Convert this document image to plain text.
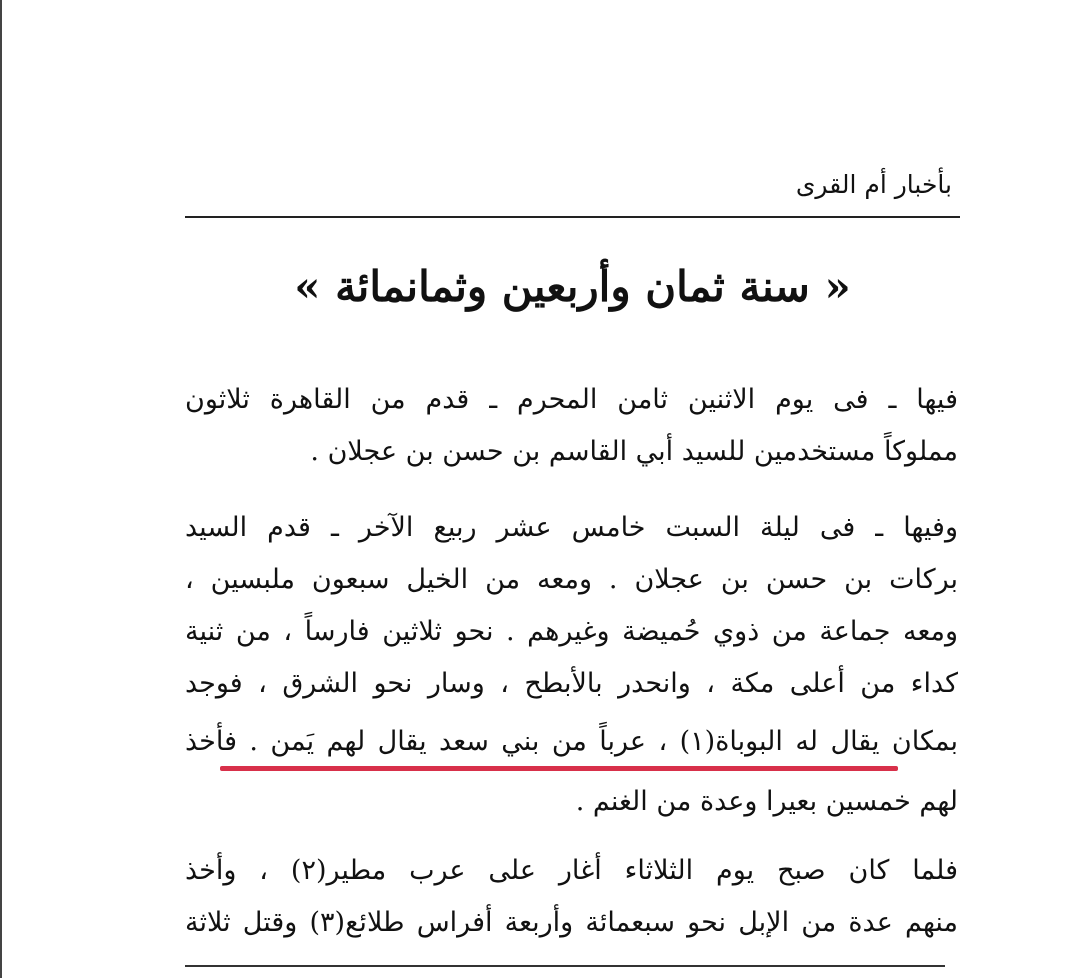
بأخبار أم القرى
« سنة ثمان وأربعين وثمانمائة »
فيها ـ فى يوم الاثنين ثامن المحرم ـ قدم من القاهرة ثلاثون
مملوكاً مستخدمين للسيد أبي القاسم بن حسن بن عجلان .
وفيها ـ فى ليلة السبت خامس عشر ربيع الآخر ـ قدم السيد
بركات بن حسن بن عجلان . ومعه من الخيل سبعون ملبسين ،
ومعه جماعة من ذوي حُميضة وغيرهم . نحو ثلاثين فارساً ، من ثنية
كداء من أعلى مكة ، وانحدر بالأبطح ، وسار نحو الشرق ، فوجد
بمكان يقال له البوباة(١) ، عرباً من بني سعد يقال لهم يَمن . فأخذ
لهم خمسين بعيرا وعدة من الغنم .
فلما كان صبح يوم الثلاثاء أغار على عرب مطير(٢) ، وأخذ
منهم عدة من الإبل نحو سبعمائة وأربعة أفراس طلائع(٣) وقتل ثلاثة
